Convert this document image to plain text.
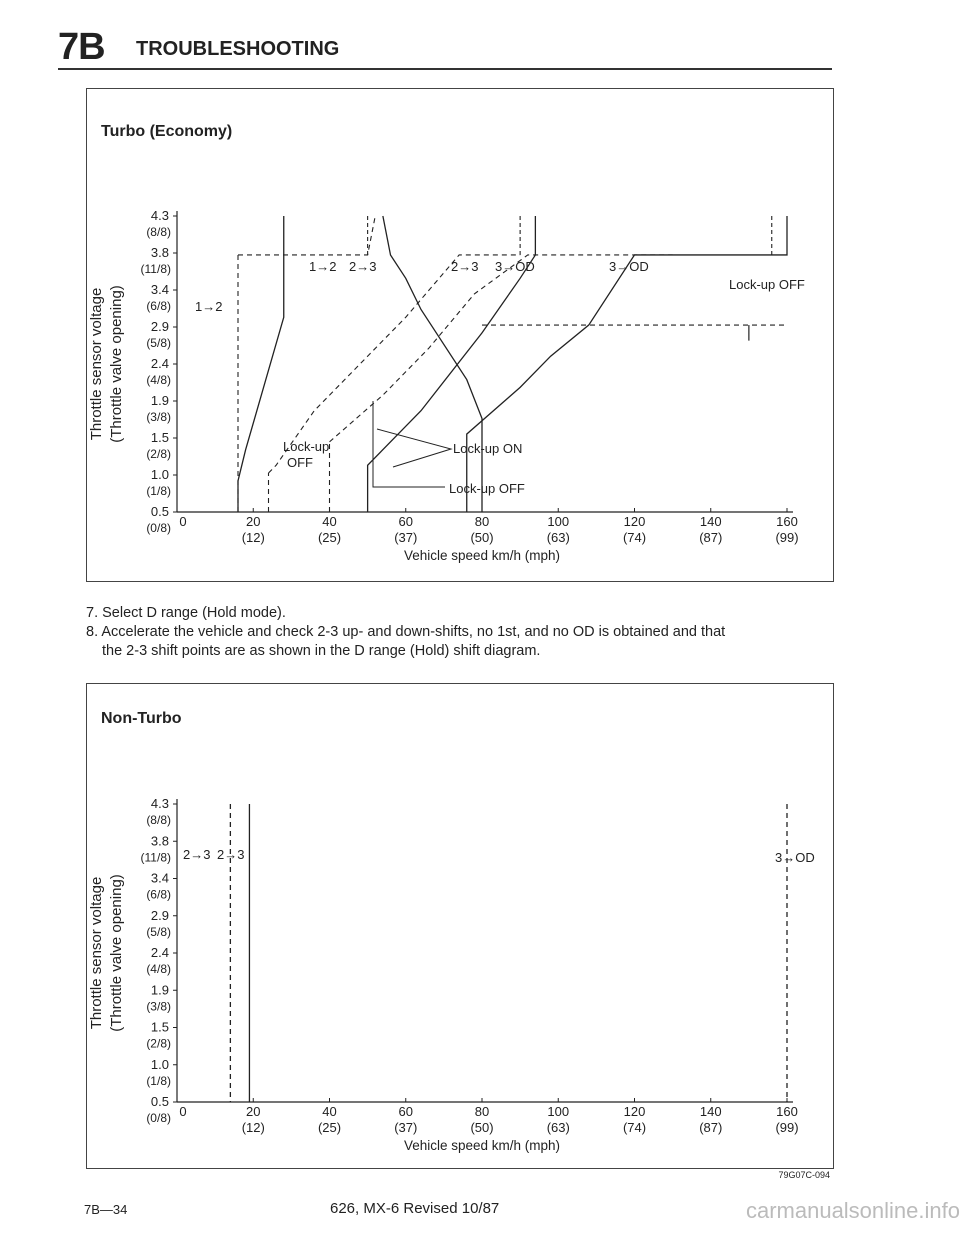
7B TROUBLESHOOTING
Turbo (Economy)
4.3
(8/8)
3.8
(11/8)
3.4
(6/8)
2.9
(5/8)
2.4
(4/8)
1.9
(3/8)
1.5
(2/8)
1.0
(1/8)
0.5
(0/8) 0	20
(12)
40
(25)
60
(37)
80
(50)
100
(63)
120
(74)
140
(87)
160
(99)
Vehicle speed km/h (mph)
Throttle sensor voltage (Throttle valve opening)	1→2
1→2 2→3	2→3 3→OD	3→OD
Lock-up OFF
Lock-up
OFF
Lock-up ON
Lock-up OFF
7. Select D range (Hold mode).
8. Accelerate the vehicle and check 2-3 up- and down-shifts, no 1st, and no OD is obtained and that
the 2-3 shift points are as shown in the D range (Hold) shift diagram.
Non-Turbo
4.3
(8/8)
3.8
(11/8)
3.4
(6/8)
2.9
(5/8)
2.4
(4/8)
1.9
(3/8)
1.5
(2/8)
1.0
(1/8)
0.5
(0/8) 0	20
(12)
40
(25)
60
(37)
80
(50)
100
(63)
120
(74)
140
(87)
160
(99)
Vehicle speed km/h (mph)
Throttle sensor voltage (Throttle valve opening)
2→3 2→3	3→OD
79G07C-094
7B—34	626, MX-6 Revised 10/87	carmanualsonline.info
